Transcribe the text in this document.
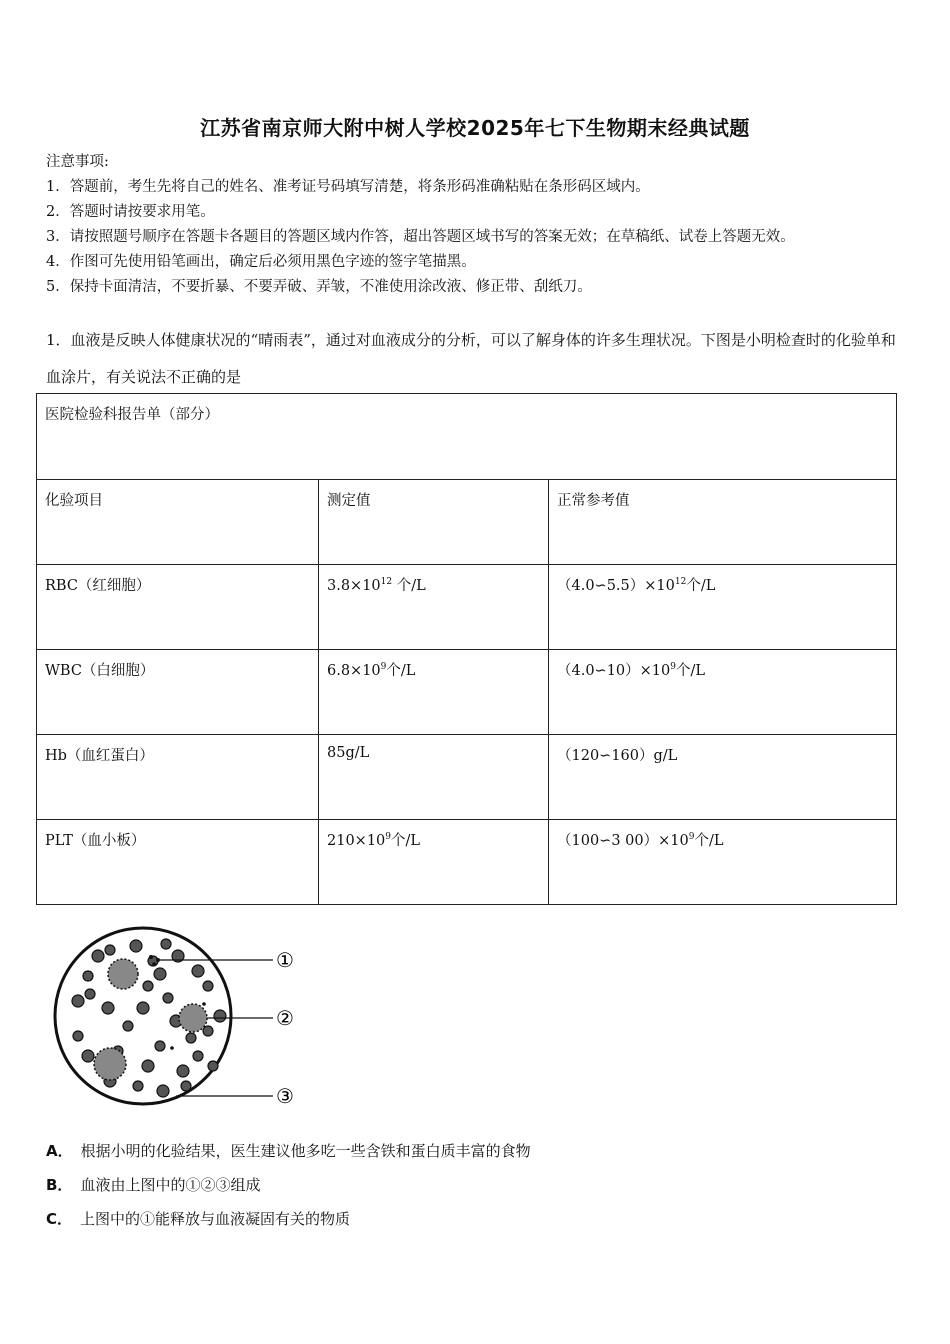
江苏省南京师大附中树人学校2025年七下生物期末经典试题
注意事项:
1．答题前，考生先将自己的姓名、准考证号码填写清楚，将条形码准确粘贴在条形码区域内。
2．答题时请按要求用笔。
3．请按照题号顺序在答题卡各题目的答题区域内作答，超出答题区域书写的答案无效；在草稿纸、试卷上答题无效。
4．作图可先使用铅笔画出，确定后必须用黑色字迹的签字笔描黑。
5．保持卡面清洁，不要折暴、不要弄破、弄皱，不准使用涂改液、修正带、刮纸刀。
1．血液是反映人体健康状况的“晴雨表”，通过对血液成分的分析，可以了解身体的许多生理状况。下图是小明检查时的化验单和血涂片，有关说法不正确的是
医院检验科报告单（部分）		
化验项目	测定值	正常参考值
RBC（红细胞）	$3.8\times 10^{12}$ 个/L	$(4.0∽5.5)\times 10^{12}$个/L
WBC（白细胞）	$6.8\times 10^9$个/L	$(4.0∽10)\times 10^9$个/L
Hb（血红蛋白）	85g/L	（120∽160）g/L
PLT（血小板）	$210\times 10^9$个/L	（100∽3 $00)\times 10^9$个/L
①
②
③
A． 根据小明的化验结果，医生建议他多吃一些含铁和蛋白质丰富的食物
B． 血液由上图中的①②③组成
C． 上图中的①能释放与血液凝固有关的物质
